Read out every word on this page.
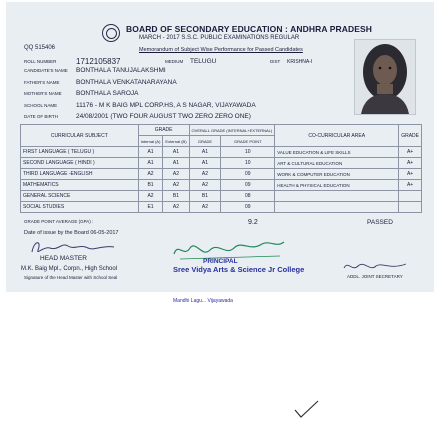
BOARD OF SECONDARY EDUCATION : ANDHRA PRADESH
MARCH - 2017 S.S.C. PUBLIC EXAMINATIONS REGULAR
Memorandum of Subject Wise Performance for Passed Candidates
QQ 515406
ROLL NUMBER 1712105837	MEDIUM TELUGU	DIST KRISHNA-I
CANDIDATE'S NAME BONTHALA TANUJALAKSHMI
FATHER'S NAME	BONTHALA VENKATANARAYANA
MOTHER'S NAME BONTHALA SAROJA
SCHOOL NAME	11176 - M K BAIG MPL CORP.HS, A S NAGAR, VIJAYAWADA
DATE OF BIRTH	24/08/2001 (TWO FOUR AUGUST TWO ZERO ZERO ONE)
CURRICULAR SUBJECT	GRADE		OVERALL GRADE (INTERNAL+EXTERNAL)		CO-CURRICULAR AREA	GRADE
	Internal (A)	External (B)	GRADE	GRADE POINT		
FIRST LANGUAGE ( TELUGU )	A1	A1	A1	10	VALUE EDUCATION & LIFE SKILLS	A+
SECOND LANGUAGE ( HINDI )	A1	A1	A1	10	ART & CULTURAL EDUCATION	A+
THIRD LANGUAGE -ENGLISH	A2	A2	A2	09	WORK & COMPUTER EDUCATION	A+
MATHEMATICS	B1	A2	A2	09	HEALTH & PHYSICAL EDUCATION	A+
GENERAL SCIENCE	A2	B1	B1	08		
SOCIAL STUDIES	E1	A2	A2	09		
GRADE POINT AVERAGE (GPA) :	9.2	PASSED
Date of issue by the Board 06-05-2017
HEAD MASTER
M.K. Baig Mpl., Corpn., High School
Signature of the Head Master with School Seal
PRINCIPAL
Sree Vidya Arts & Science Jr College
Mandhi Lagu... Vijayawada
ADDL. JOINT SECRETARY
